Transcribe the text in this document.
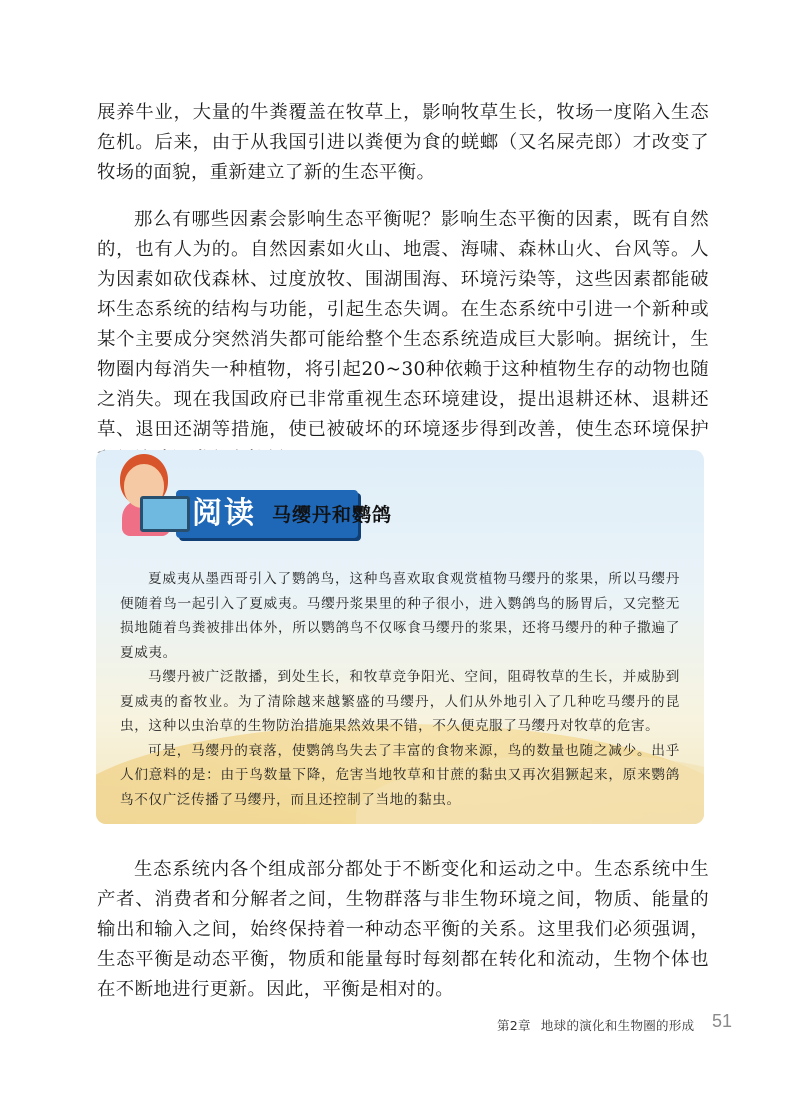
展养牛业，大量的牛粪覆盖在牧草上，影响牧草生长，牧场一度陷入生态危机。后来，由于从我国引进以粪便为食的蜣螂（又名屎壳郎）才改变了牧场的面貌，重新建立了新的生态平衡。

那么有哪些因素会影响生态平衡呢？影响生态平衡的因素，既有自然的，也有人为的。自然因素如火山、地震、海啸、森林山火、台风等。人为因素如砍伐森林、过度放牧、围湖围海、环境污染等，这些因素都能破坏生态系统的结构与功能，引起生态失调。在生态系统中引进一个新种或某个主要成分突然消失都可能给整个生态系统造成巨大影响。据统计，生物圈内每消失一种植物，将引起20~30种依赖于这种植物生存的动物也随之消失。现在我国政府已非常重视生态环境建设，提出退耕还林、退耕还草、退田还湖等措施，使已被破坏的环境逐步得到改善，使生态环境保护

阅读 马缨丹和鹦鸽

夏威夷从墨西哥引入了鹦鸽鸟，这种鸟喜欢取食观赏植物马缨丹的浆果，所以马缨丹便随着鸟一起引入了夏威夷。马缨丹浆果里的种子很小，进入鹦鸽鸟的肠胃后，又完整无损地随着鸟粪被排出体外，所以鹦鸽鸟不仅啄食马缨丹的浆果，还将马缨丹的种子撒遍了夏威夷。

马缨丹被广泛散播，到处生长，和牧草竞争阳光、空间，阻碍牧草的生长，并威胁到夏威夷的畜牧业。为了清除越来越繁盛的马缨丹，人们从外地引入了几种吃马缨丹的昆虫，这种以虫治草的生物防治措施果然效果不错，不久便克服了马缨丹对牧草的危害。

可是，马缨丹的衰落，使鹦鸽鸟失去了丰富的食物来源，鸟的数量也随之减少。出乎人们意料的是：由于鸟数量下降，危害当地牧草和甘蔗的黏虫又再次猖獗起来，原来鹦鸽鸟不仅广泛传播了马缨丹，而且还控制了当地的黏虫。

生态系统内各个组成部分都处于不断变化和运动之中。生态系统中生产者、消费者和分解者之间，生物群落与非生物环境之间，物质、能量的输出和输入之间，始终保持着一种动态平衡的关系。这里我们必须强调，生态平衡是动态平衡，物质和能量每时每刻都在转化和流动，生物个体也在不断地进行更新。因此，平衡是相对的。

第2章 地球的演化和生物圈的形成 51
